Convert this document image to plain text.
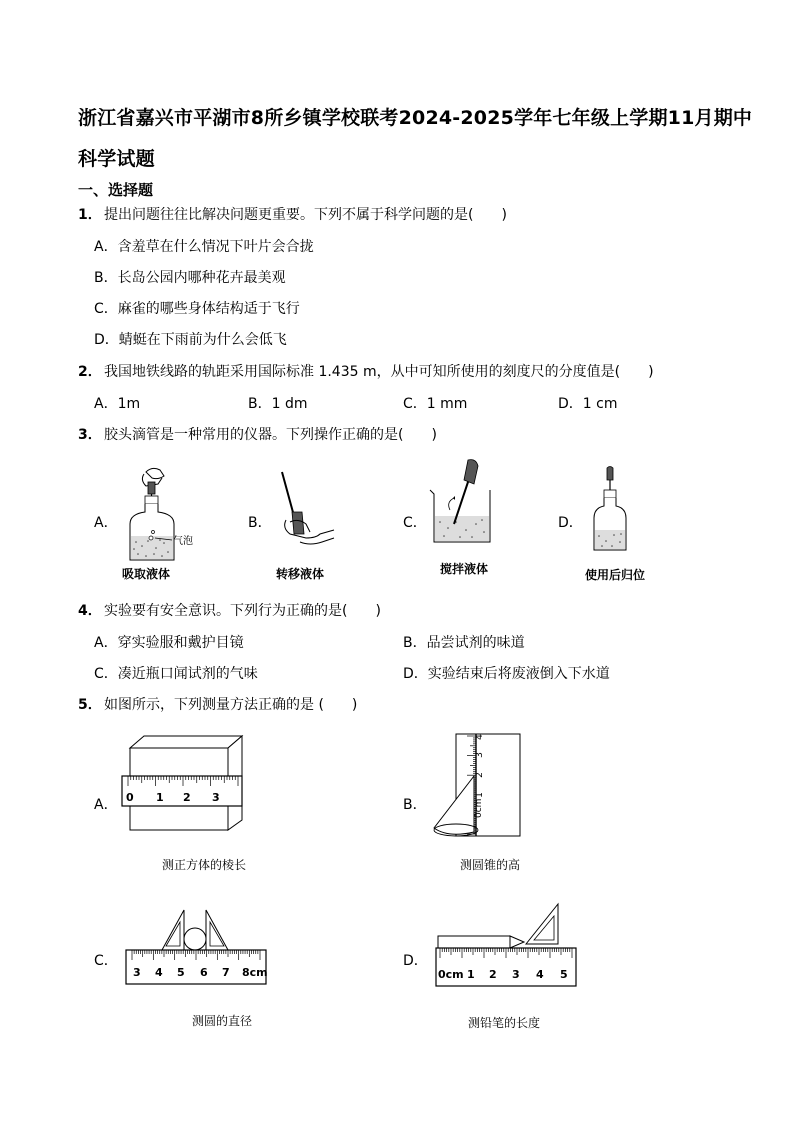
浙江省嘉兴市平湖市8所乡镇学校联考2024-2025学年七年级上学期11月期中
科学试题
一、选择题
1． 提出问题往往比解决问题更重要。下列不属于科学问题的是(　　)
A．含羞草在什么情况下叶片会合拢
B．长岛公园内哪种花卉最美观
C．麻雀的哪些身体结构适于飞行
D．蜻蜓在下雨前为什么会低飞
2． 我国地铁线路的轨距采用国际标准 1.435 m，从中可知所使用的刻度尺的分度值是(　　)
A．1m	B．1 dm	C．1 mm	D．1 cm
3． 胶头滴管是一种常用的仪器。下列操作正确的是(　　)
A．	B．	C．	D．
气泡
吸取液体	转移液体	搅拌液体	使用后归位
4． 实验要有安全意识。下列行为正确的是(　　)
A．穿实验服和戴护目镜	B．品尝试剂的味道
C．凑近瓶口闻试剂的气味	D．实验结束后将废液倒入下水道
5． 如图所示，下列测量方法正确的是 (　　)
A．	B．
C．	D．
0 1 2 3
测正方体的棱长
0cm
1
2
3
4
测圆锥的高
3 4 5 6 7 8cm
测圆的直径
0cm 1 2 3 4 5
测铅笔的长度
